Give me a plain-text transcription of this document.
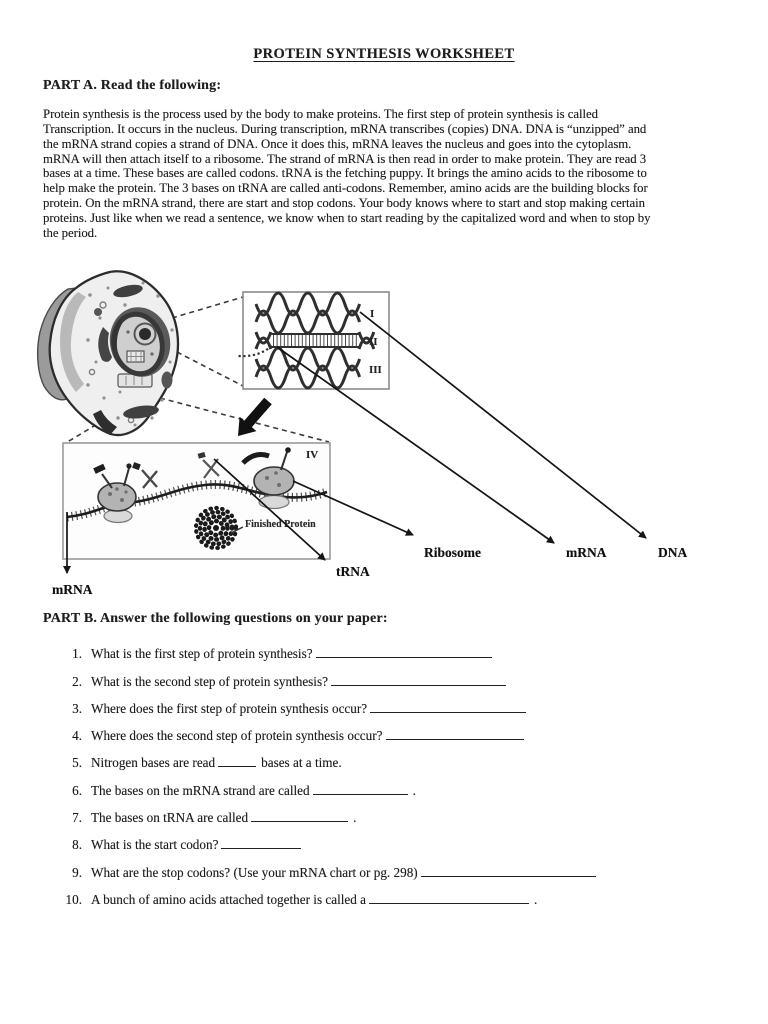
PROTEIN SYNTHESIS WORKSHEET
PART A. Read the following:
Protein synthesis is the process used by the body to make proteins. The first step of protein synthesis is called
Transcription. It occurs in the nucleus. During transcription, mRNA transcribes (copies) DNA. DNA is “unzipped” and
the mRNA strand copies a strand of DNA. Once it does this, mRNA leaves the nucleus and goes into the cytoplasm.
mRNA will then attach itself to a ribosome. The strand of mRNA is then read in order to make protein. They are read 3
bases at a time. These bases are called codons. tRNA is the fetching puppy. It brings the amino acids to the ribosome to
help make the protein. The 3 bases on tRNA are called anti-codons. Remember, amino acids are the building blocks for
protein. On the mRNA strand, there are start and stop codons. Your body knows where to start and stop making certain
proteins. Just like when we read a sentence, we know when to start reading by the capitalized word and when to stop by
the period.
I
II
III
IV
Finished Protein
mRNA
tRNA
Ribosome	mRNA	DNA
PART B. Answer the following questions on your paper:
1. What is the first step of protein synthesis?
2. What is the second step of protein synthesis?
3. Where does the first step of protein synthesis occur?
4. Where does the second step of protein synthesis occur?
5. Nitrogen bases are read	bases at a time.
6. The bases on the mRNA strand are called	.
7. The bases on tRNA are called	.
8. What is the start codon?
9. What are the stop codons? (Use your mRNA chart or pg. 298)
10. A bunch of amino acids attached together is called a	.
